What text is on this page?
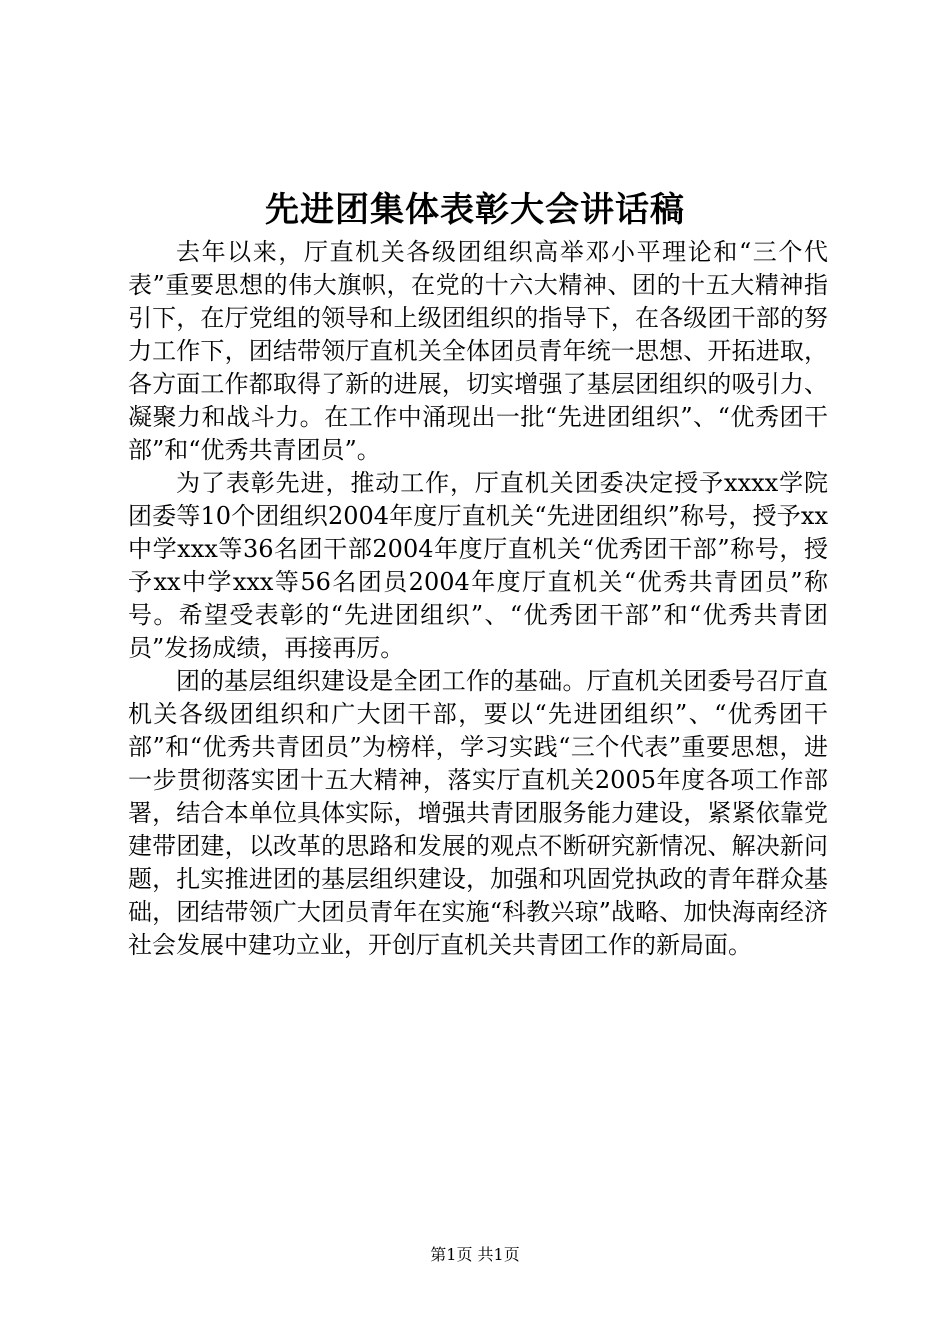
先进团集体表彰大会讲话稿

去年以来，厅直机关各级团组织高举邓小平理论和“三个代表”重要思想的伟大旗帜，在党的十六大精神、团的十五大精神指引下，在厅党组的领导和上级团组织的指导下，在各级团干部的努力工作下，团结带领厅直机关全体团员青年统一思想、开拓进取，各方面工作都取得了新的进展，切实增强了基层团组织的吸引力、凝聚力和战斗力。在工作中涌现出一批“先进团组织”、“优秀团干部”和“优秀共青团员”。

为了表彰先进，推动工作，厅直机关团委决定授予xxxx学院团委等10个团组织2004年度厅直机关“先进团组织”称号，授予xx中学xxx等36名团干部2004年度厅直机关“优秀团干部”称号，授予xx中学xxx等56名团员2004年度厅直机关“优秀共青团员”称号。希望受表彰的“先进团组织”、“优秀团干部”和“优秀共青团员”发扬成绩，再接再厉。

团的基层组织建设是全团工作的基础。厅直机关团委号召厅直机关各级团组织和广大团干部，要以“先进团组织”、“优秀团干部”和“优秀共青团员”为榜样，学习实践“三个代表”重要思想，进一步贯彻落实团十五大精神，落实厅直机关2005年度各项工作部署，结合本单位具体实际，增强共青团服务能力建设，紧紧依靠党建带团建，以改革的思路和发展的观点不断研究新情况、解决新问题，扎实推进团的基层组织建设，加强和巩固党执政的青年群众基础，团结带领广大团员青年在实施“科教兴琼”战略、加快海南经济社会发展中建功立业，开创厅直机关共青团工作的新局面。

第1页 共1页
